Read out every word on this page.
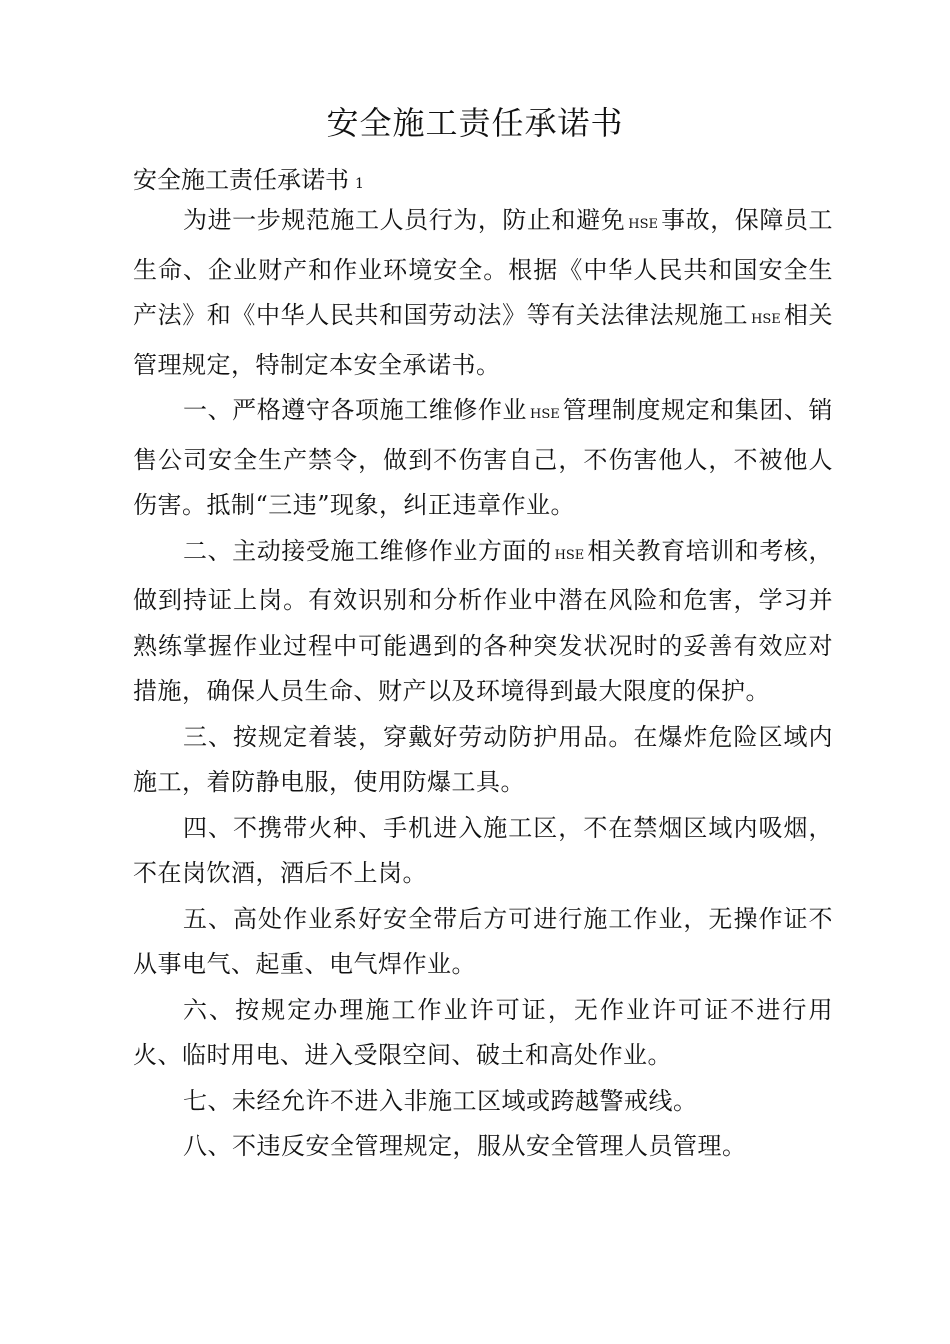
安全施工责任承诺书
安全施工责任承诺书 1

为进一步规范施工人员行为，防止和避免 HSE 事故，保障员工生命、企业财产和作业环境安全。根据《中华人民共和国安全生产法》和《中华人民共和国劳动法》等有关法律法规施工 HSE 相关管理规定，特制定本安全承诺书。

一、严格遵守各项施工维修作业 HSE 管理制度规定和集团、销售公司安全生产禁令，做到不伤害自己，不伤害他人，不被他人伤害。抵制“三违”现象，纠正违章作业。

二、主动接受施工维修作业方面的 HSE 相关教育培训和考核，做到持证上岗。有效识别和分析作业中潜在风险和危害，学习并熟练掌握作业过程中可能遇到的各种突发状况时的妥善有效应对措施，确保人员生命、财产以及环境得到最大限度的保护。

三、按规定着装，穿戴好劳动防护用品。在爆炸危险区域内施工，着防静电服，使用防爆工具。

四、不携带火种、手机进入施工区，不在禁烟区域内吸烟，不在岗饮酒，酒后不上岗。

五、高处作业系好安全带后方可进行施工作业，无操作证不从事电气、起重、电气焊作业。

六、按规定办理施工作业许可证，无作业许可证不进行用火、临时用电、进入受限空间、破土和高处作业。

七、未经允许不进入非施工区域或跨越警戒线。

八、不违反安全管理规定，服从安全管理人员管理。
